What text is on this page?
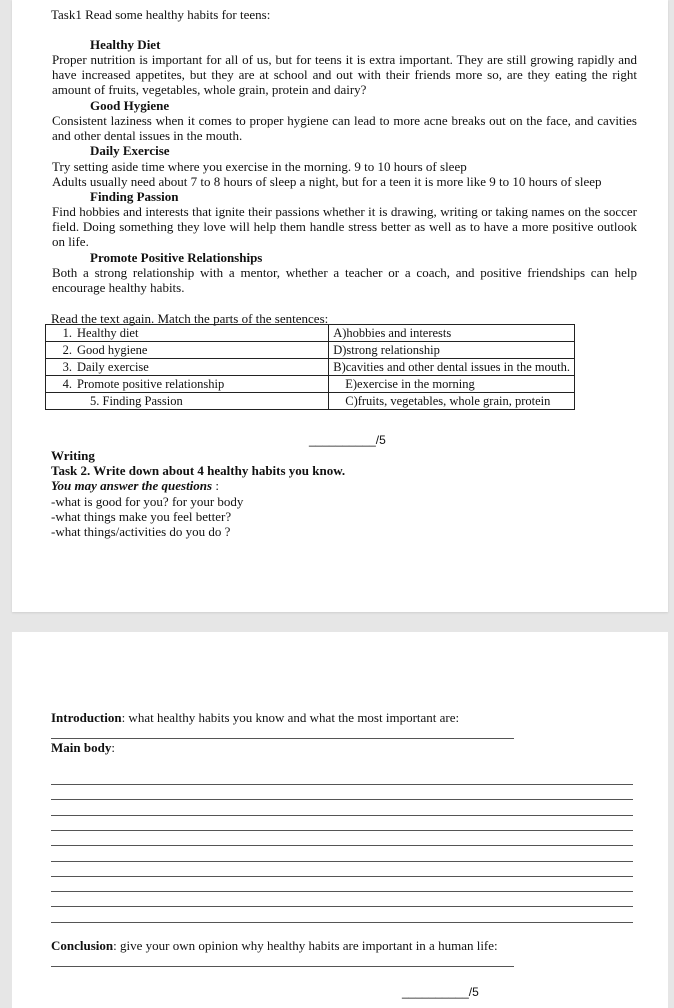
Task1 Read some healthy habits for teens:
Healthy Diet
Proper nutrition is important for all of us, but for teens it is extra important. They are still growing rapidly and have increased appetites, but they are at school and out with their friends more so, are they eating the right amount of fruits, vegetables, whole grain, protein and dairy?
Good Hygiene
Consistent laziness when it comes to proper hygiene can lead to more acne breaks out on the face, and cavities and other dental issues in the mouth.
Daily Exercise
Try setting aside time where you exercise in the morning. 9 to 10 hours of sleep
Adults usually need about 7 to 8 hours of sleep a night, but for a teen it is more like 9 to 10 hours of sleep
Finding Passion
Find hobbies and interests that ignite their passions whether it is drawing, writing or taking names on the soccer field. Doing something they love will help them handle stress better as well as to have a more positive outlook on life.
Promote Positive Relationships
Both a strong relationship with a mentor, whether a teacher or a coach, and positive friendships can help encourage healthy habits.
Read the text again. Match the parts of the sentences:
1. Healthy diet	A)hobbies and interests
2. Good hygiene	D)strong relationship
3. Daily exercise	B)cavities and other dental issues in the mouth.
4. Promote positive relationship	E)exercise in the morning
5. Finding Passion	C)fruits, vegetables, whole grain, protein
__________/5
Writing
Task 2. Write down about 4 healthy habits you know.
You may answer the questions :
-what is good for you? for your body
-what things make you feel better?
-what things/activities do you do ?
Introduction: what healthy habits you know and what the most important are:
Main body:
Conclusion: give your own opinion why healthy habits are important in a human life:
__________/5
